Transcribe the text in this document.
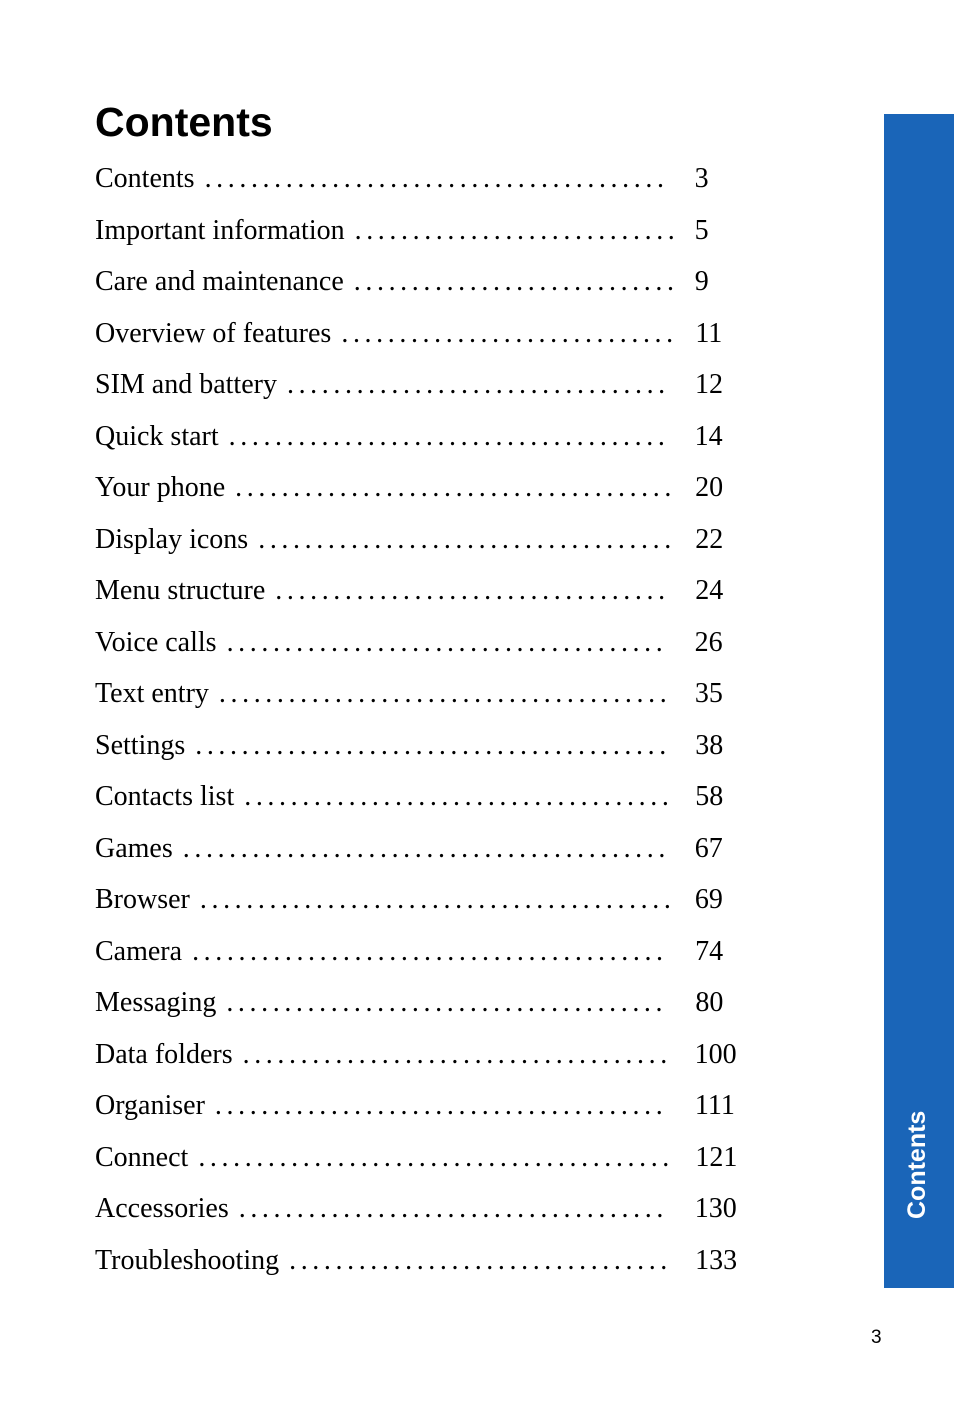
Contents
Contents ........................................ 3
Important information ............................ 5
Care and maintenance ............................ 9
Overview of features ............................. 11
SIM and battery ................................. 12
Quick start ...................................... 14
Your phone ...................................... 20
Display icons .................................... 22
Menu structure .................................. 24
Voice calls ...................................... 26
Text entry ....................................... 35
Settings ......................................... 38
Contacts list ..................................... 58
Games .......................................... 67
Browser ......................................... 69
Camera ......................................... 74
Messaging ......................................	80
Data folders ..................................... 100
Organiser ....................................... 111
Connect ......................................... 121
Accessories ..................................... 130
Troubleshooting ................................. 133
Contents
3
